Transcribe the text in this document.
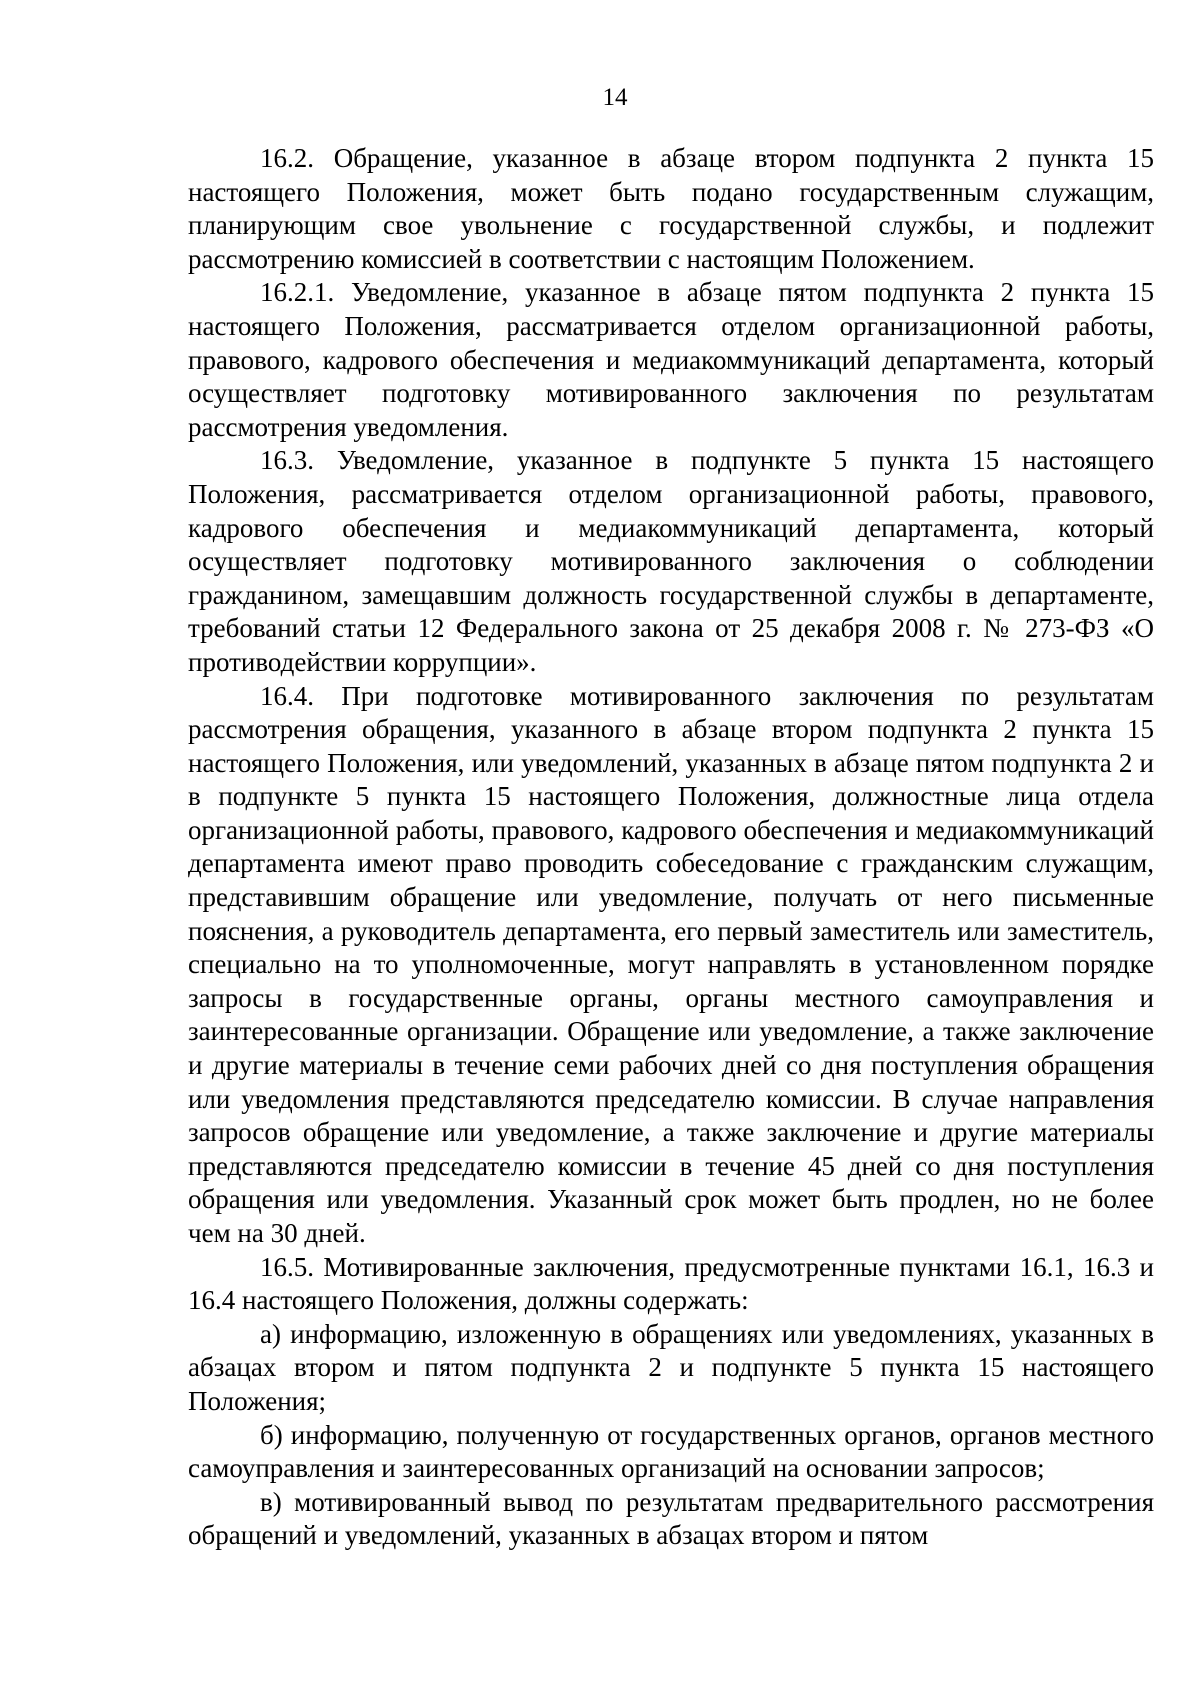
14

16.2. Обращение, указанное в абзаце втором подпункта 2 пункта 15 настоящего Положения, может быть подано государственным служащим, планирующим свое увольнение с государственной службы, и подлежит рассмотрению комиссией в соответствии с настоящим Положением.

16.2.1. Уведомление, указанное в абзаце пятом подпункта 2 пункта 15 настоящего Положения, рассматривается отделом организационной работы, правового, кадрового обеспечения и медиакоммуникаций департамента, который осуществляет подготовку мотивированного заключения по результатам рассмотрения уведомления.

16.3. Уведомление, указанное в подпункте 5 пункта 15 настоящего Положения, рассматривается отделом организационной работы, правового, кадрового обеспечения и медиакоммуникаций департамента, который осуществляет подготовку мотивированного заключения о соблюдении гражданином, замещавшим должность государственной службы в департаменте, требований статьи 12 Федерального закона от 25 декабря 2008 г. № 273-ФЗ «О противодействии коррупции».

16.4. При подготовке мотивированного заключения по результатам рассмотрения обращения, указанного в абзаце втором подпункта 2 пункта 15 настоящего Положения, или уведомлений, указанных в абзаце пятом подпункта 2 и в подпункте 5 пункта 15 настоящего Положения, должностные лица отдела организационной работы, правового, кадрового обеспечения и медиакоммуникаций департамента имеют право проводить собеседование с гражданским служащим, представившим обращение или уведомление, получать от него письменные пояснения, а руководитель департамента, его первый заместитель или заместитель, специально на то уполномоченные, могут направлять в установленном порядке запросы в государственные органы, органы местного самоуправления и заинтересованные организации. Обращение или уведомление, а также заключение и другие материалы в течение семи рабочих дней со дня поступления обращения или уведомления представляются председателю комиссии. В случае направления запросов обращение или уведомление, а также заключение и другие материалы представляются председателю комиссии в течение 45 дней со дня поступления обращения или уведомления. Указанный срок может быть продлен, но не более чем на 30 дней.

16.5. Мотивированные заключения, предусмотренные пунктами 16.1, 16.3 и 16.4 настоящего Положения, должны содержать:

а) информацию, изложенную в обращениях или уведомлениях, указанных в абзацах втором и пятом подпункта 2 и подпункте 5 пункта 15 настоящего Положения;

б) информацию, полученную от государственных органов, органов местного самоуправления и заинтересованных организаций на основании запросов;

в) мотивированный вывод по результатам предварительного рассмотрения обращений и уведомлений, указанных в абзацах втором и пятом
